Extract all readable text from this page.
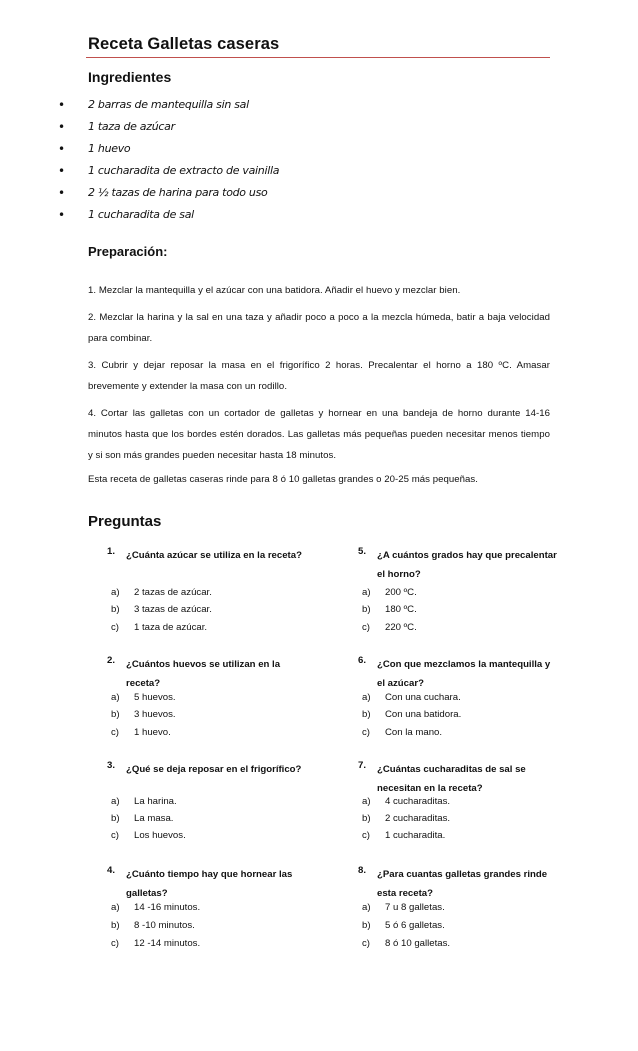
Receta Galletas caseras
Ingredientes
• 2 barras de mantequilla sin sal
• 1 taza de azúcar
• 1 huevo
• 1 cucharadita de extracto de vainilla
• 2 ½ tazas de harina para todo uso
• 1 cucharadita de sal
Preparación:
1. Mezclar la mantequilla y el azúcar con una batidora. Añadir el huevo y mezclar bien.
2. Mezclar la harina y la sal en una taza y añadir poco a poco a la mezcla húmeda, batir a baja velocidad para combinar.
3. Cubrir y dejar reposar la masa en el frigorífico 2 horas. Precalentar el horno a 180 ºC. Amasar brevemente y extender la masa con un rodillo.
4. Cortar las galletas con un cortador de galletas y hornear en una bandeja de horno durante 14-16 minutos hasta que los bordes estén dorados. Las galletas más pequeñas pueden necesitar menos tiempo y si son más grandes pueden necesitar hasta 18 minutos.
Esta receta de galletas caseras rinde para 8 ó 10 galletas grandes o 20-25 más pequeñas.
Preguntas
1. ¿Cuánta azúcar se utiliza en la receta?
a) 2 tazas de azúcar.
b) 3 tazas de azúcar.
c) 1 taza de azúcar.
2. ¿Cuántos huevos se utilizan en la receta?
a) 5 huevos.
b) 3 huevos.
c) 1 huevo.
3. ¿Qué se deja reposar en el frigorífico?
a) La harina.
b) La masa.
c) Los huevos.
4. ¿Cuánto tiempo hay que hornear las galletas?
a) 14 -16 minutos.
b) 8 -10 minutos.
c) 12 -14 minutos.
5. ¿A cuántos grados hay que precalentar el horno?
a) 200 ºC.
b) 180 ºC.
c) 220 ºC.
6. ¿Con que mezclamos la mantequilla y el azúcar?
a) Con una cuchara.
b) Con una batidora.
c) Con la mano.
7. ¿Cuántas cucharaditas de sal se necesitan en la receta?
a) 4 cucharaditas.
b) 2 cucharaditas.
c) 1 cucharadita.
8. ¿Para cuantas galletas grandes rinde esta receta?
a) 7 u 8 galletas.
b) 5 ó 6 galletas.
c) 8 ó 10 galletas.
